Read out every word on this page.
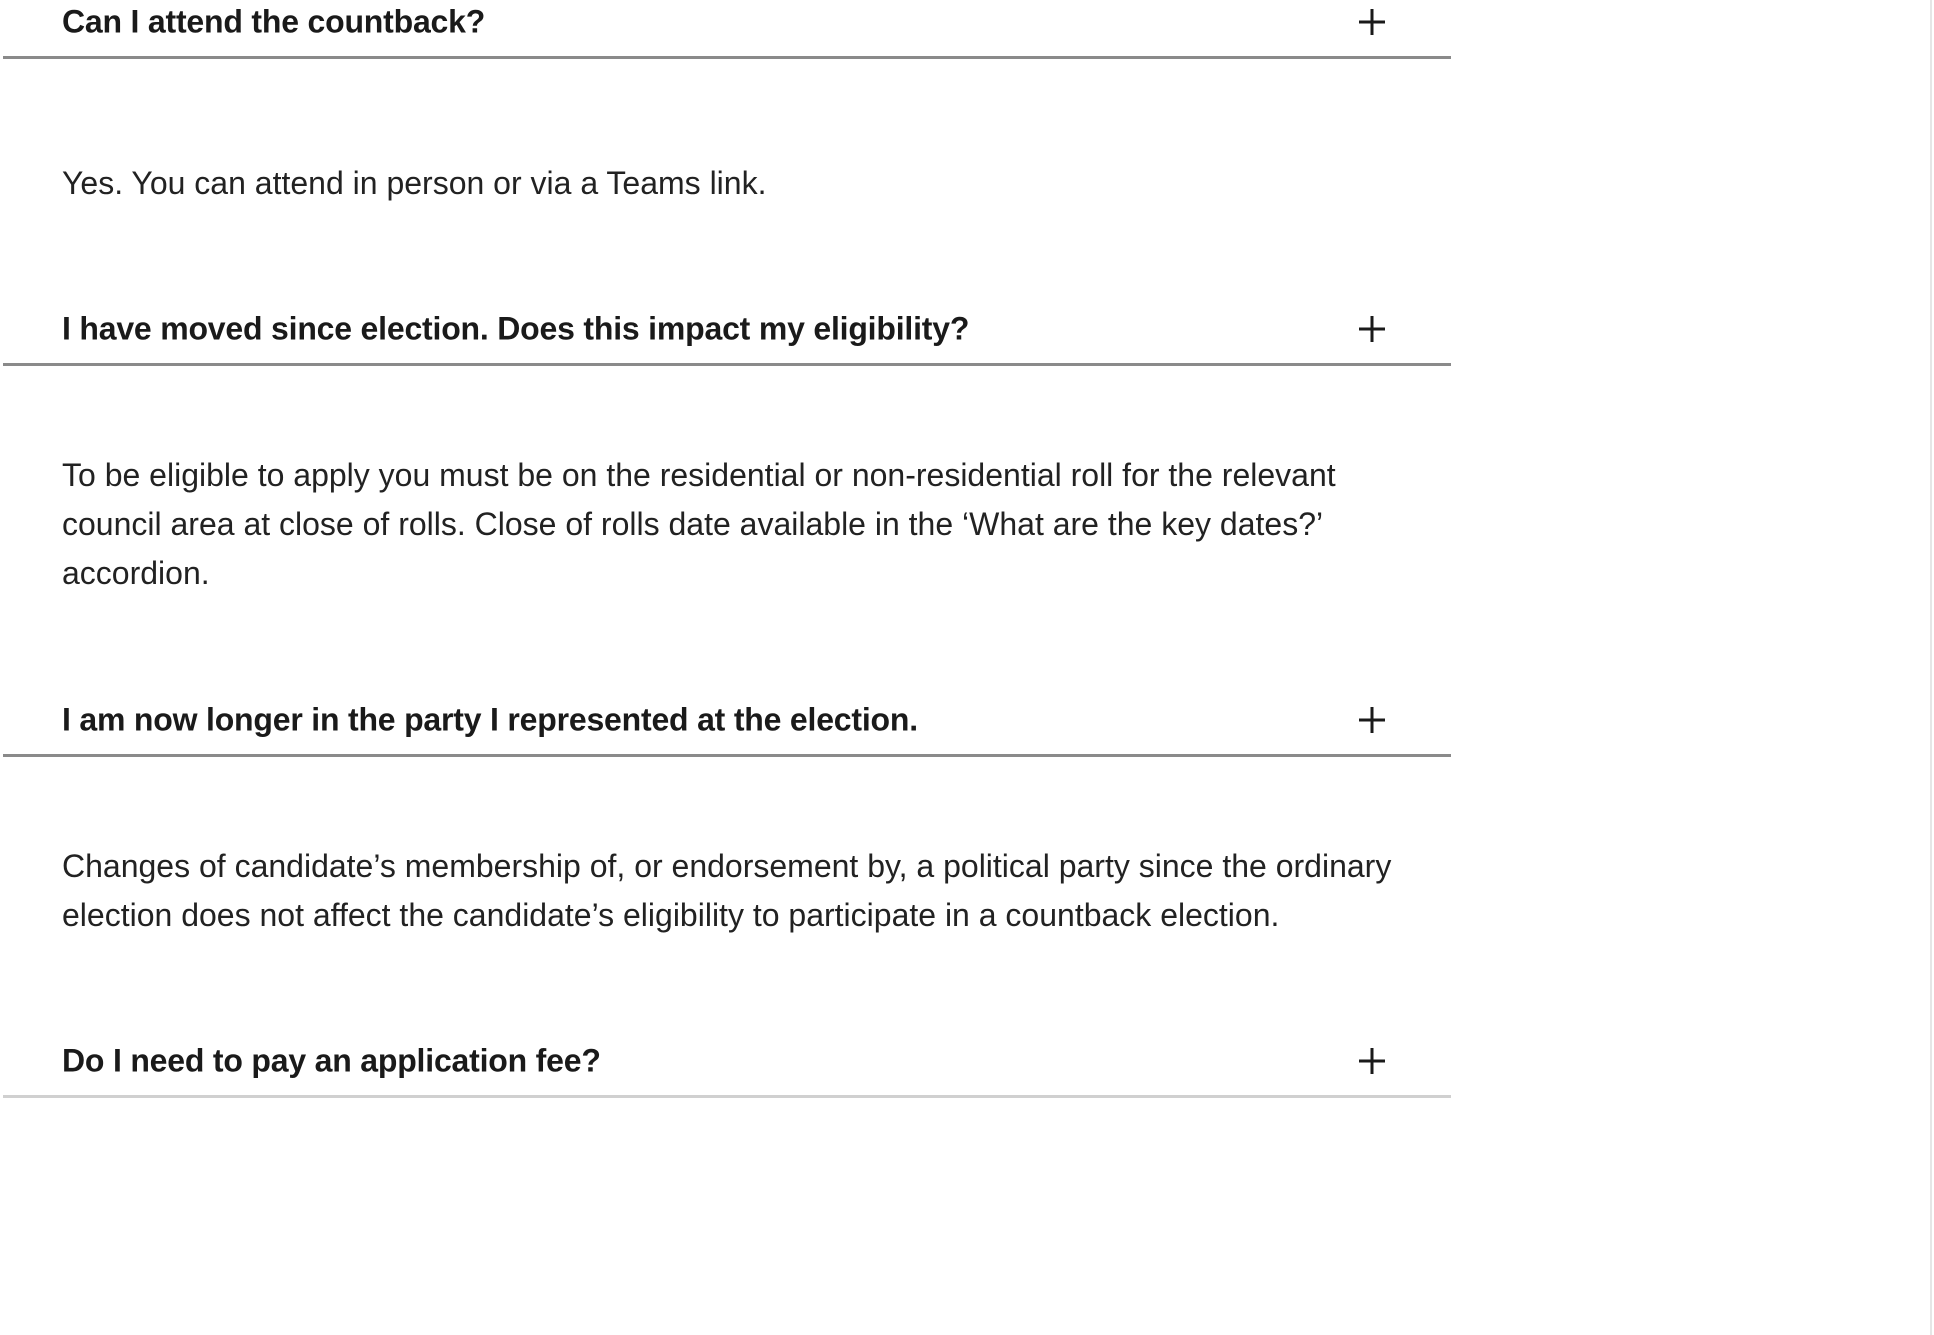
Can I attend the countback?

Yes. You can attend in person or via a Teams link.

I have moved since election. Does this impact my eligibility?

To be eligible to apply you must be on the residential or non-residential roll for the relevant council area at close of rolls. Close of rolls date available in the ‘What are the key dates?’ accordion.

I am now longer in the party I represented at the election.

Changes of candidate’s membership of, or endorsement by, a political party since the ordinary election does not affect the candidate’s eligibility to participate in a countback election.

Do I need to pay an application fee?
